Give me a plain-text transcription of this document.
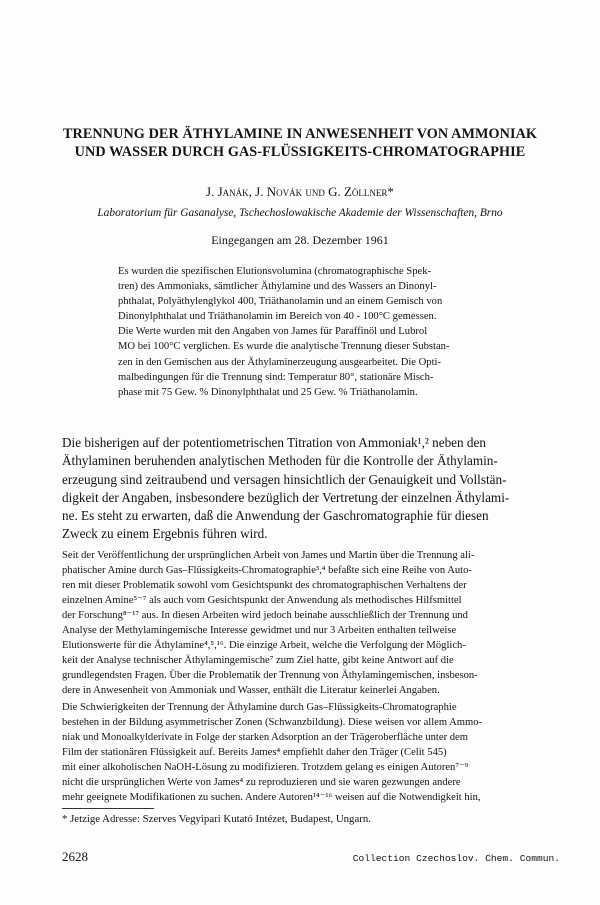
TRENNUNG DER ÄTHYLAMINE IN ANWESENHEIT VON AMMONIAK
UND WASSER DURCH GAS-FLÜSSIGKEITS-CHROMATOGRAPHIE
J. Janák, J. Novák und G. Zöllner*
Laboratorium für Gasanalyse, Tschechoslowakische Akademie der Wissenschaften, Brno
Eingegangen am 28. Dezember 1961
Es wurden die spezifischen Elutionsvolumina (chromatographische Spek-
tren) des Ammoniaks, sämtlicher Äthylamine und des Wassers an Dinonyl-
phthalat, Polyäthylenglykol 400, Triäthanolamin und an einem Gemisch von
Dinonylphthalat und Triäthanolamin im Bereich von 40 - 100°C gemessen.
Die Werte wurden mit den Angaben von James für Paraffinöl und Lubrol
MO bei 100°C verglichen. Es wurde die analytische Trennung dieser Substan-
zen in den Gemischen aus der Äthylaminerzeugung ausgearbeitet. Die Opti-
malbedingungen für die Trennung sind: Temperatur 80°, stationäre Misch-
phase mit 75 Gew. % Dinonylphthalat und 25 Gew. % Triäthanolamin.
Die bisherigen auf der potentiometrischen Titration von Ammoniak¹,² neben den
Äthylaminen beruhenden analytischen Methoden für die Kontrolle der Äthylamin-
erzeugung sind zeitraubend und versagen hinsichtlich der Genauigkeit und Vollstän-
digkeit der Angaben, insbesondere bezüglich der Vertretung der einzelnen Äthylami-
ne. Es steht zu erwarten, daß die Anwendung der Gaschromatographie für diesen
Zweck zu einem Ergebnis führen wird.
Seit der Veröffentlichung der ursprünglichen Arbeit von James und Martin über die Trennung ali-
phatischer Amine durch Gas–Flüssigkeits-Chromatographie³,⁴ befaßte sich eine Reihe von Auto-
ren mit dieser Problematik sowohl vom Gesichtspunkt des chromatographischen Verhaltens der
einzelnen Amine⁵⁻⁷ als auch vom Gesichtspunkt der Anwendung als methodisches Hilfsmittel
der Forschung⁸⁻¹⁷ aus. In diesen Arbeiten wird jedoch beinahe ausschließlich der Trennung und
Analyse der Methylamingemische Interesse gewidmet und nur 3 Arbeiten enthalten teilweise
Elutionswerte für die Äthylamine⁴,⁵,¹⁶. Die einzige Arbeit, welche die Verfolgung der Möglich-
keit der Analyse technischer Äthylamingemische⁷ zum Ziel hatte, gibt keine Antwort auf die
grundlegendsten Fragen. Über die Problematik der Trennung von Äthylamingemischen, insbeson-
dere in Anwesenheit von Ammoniak und Wasser, enthält die Literatur keinerlei Angaben.
Die Schwierigkeiten der Trennung der Äthylamine durch Gas–Flüssigkeits-Chromatographie
bestehen in der Bildung asymmetrischer Zonen (Schwanzbildung). Diese weisen vor allem Ammo-
niak und Monoalkylderivate in Folge der starken Adsorption an der Trägeroberfläche unter dem
Film der stationären Flüssigkeit auf. Bereits James⁴ empfiehlt daher den Träger (Celit 545)
mit einer alkoholischen NaOH-Lösung zu modifizieren. Trotzdem gelang es einigen Autoren⁷⁻⁹
nicht die ursprünglichen Werte von James⁴ zu reproduzieren und sie waren gezwungen andere
mehr geeignete Modifikationen zu suchen. Andere Autoren¹⁴⁻¹⁶ weisen auf die Notwendigkeit hin,
* Jetzige Adresse: Szerves Vegyipari Kutató Intézet, Budapest, Ungarn.
2628	Collection Czechoslov. Chem. Commun.
